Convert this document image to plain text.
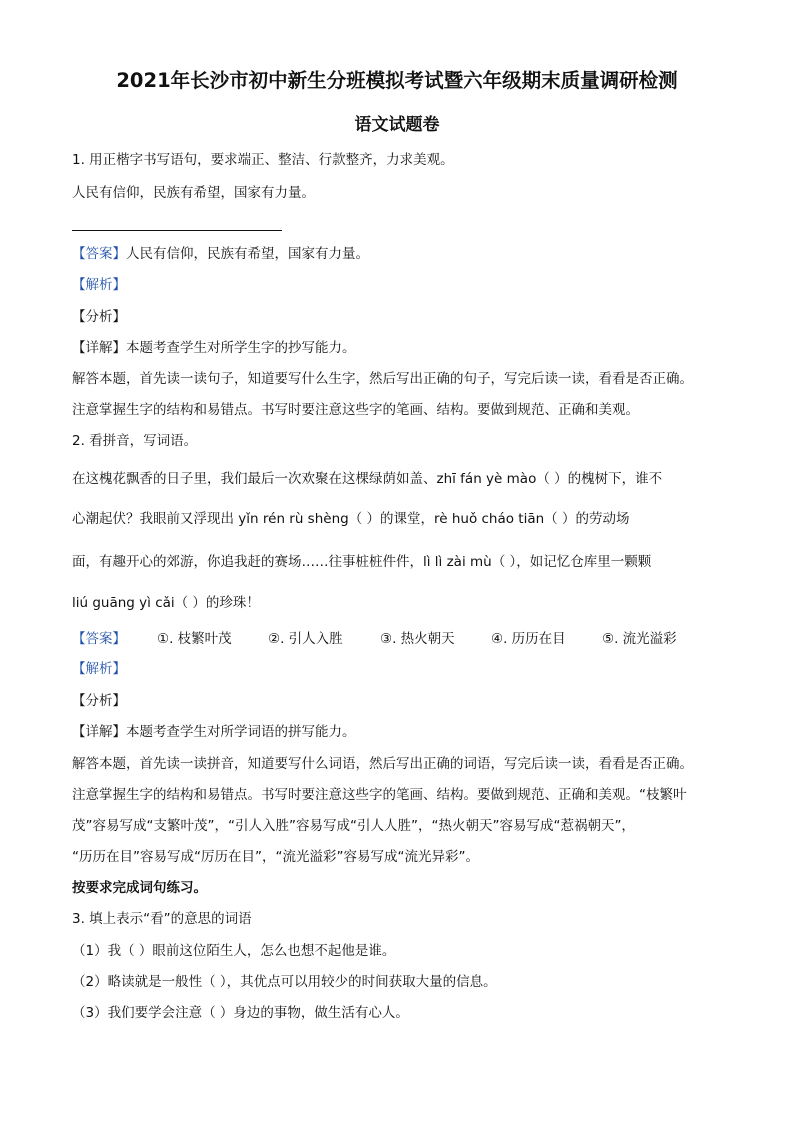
2021年长沙市初中新生分班模拟考试暨六年级期末质量调研检测
语文试题卷
1. 用正楷字书写语句，要求端正、整洁、行款整齐，力求美观。
人民有信仰，民族有希望，国家有力量。
【答案】人民有信仰，民族有希望，国家有力量。
【解析】
【分析】
【详解】本题考查学生对所学生字的抄写能力。
解答本题，首先读一读句子，知道要写什么生字，然后写出正确的句子，写完后读一读，看看是否正确。
注意掌握生字的结构和易错点。书写时要注意这些字的笔画、结构。要做到规范、正确和美观。
2. 看拼音，写词语。
在这槐花飘香的日子里，我们最后一次欢聚在这棵绿荫如盖、zhī fán yè mào（ ）的槐树下，谁不
心潮起伏？我眼前又浮现出 yǐn rén rù shèng（ ）的课堂，rè huǒ cháo tiān（ ）的劳动场
面，有趣开心的郊游，你追我赶的赛场……往事桩桩件件，lì lì zài mù（ ），如记忆仓库里一颗颗
liú guāng yì cǎi（ ）的珍珠！
【答案】 ①. 枝繁叶茂	②. 引人入胜	③. 热火朝天	④. 历历在目	⑤. 流光溢彩
【解析】
【分析】
【详解】本题考查学生对所学词语的拼写能力。
解答本题，首先读一读拼音，知道要写什么词语，然后写出正确的词语，写完后读一读，看看是否正确。
注意掌握生字的结构和易错点。书写时要注意这些字的笔画、结构。要做到规范、正确和美观。“枝繁叶
茂”容易写成“支繁叶茂”，“引人入胜”容易写成“引人人胜”，“热火朝天”容易写成“惹祸朝天”，
“历历在目”容易写成“厉历在目”，“流光溢彩”容易写成“流光异彩”。
按要求完成词句练习。
3. 填上表示“看”的意思的词语
（1）我（ ）眼前这位陌生人，怎么也想不起他是谁。
（2）略读就是一般性（ ），其优点可以用较少的时间获取大量的信息。
（3）我们要学会注意（ ）身边的事物，做生活有心人。
